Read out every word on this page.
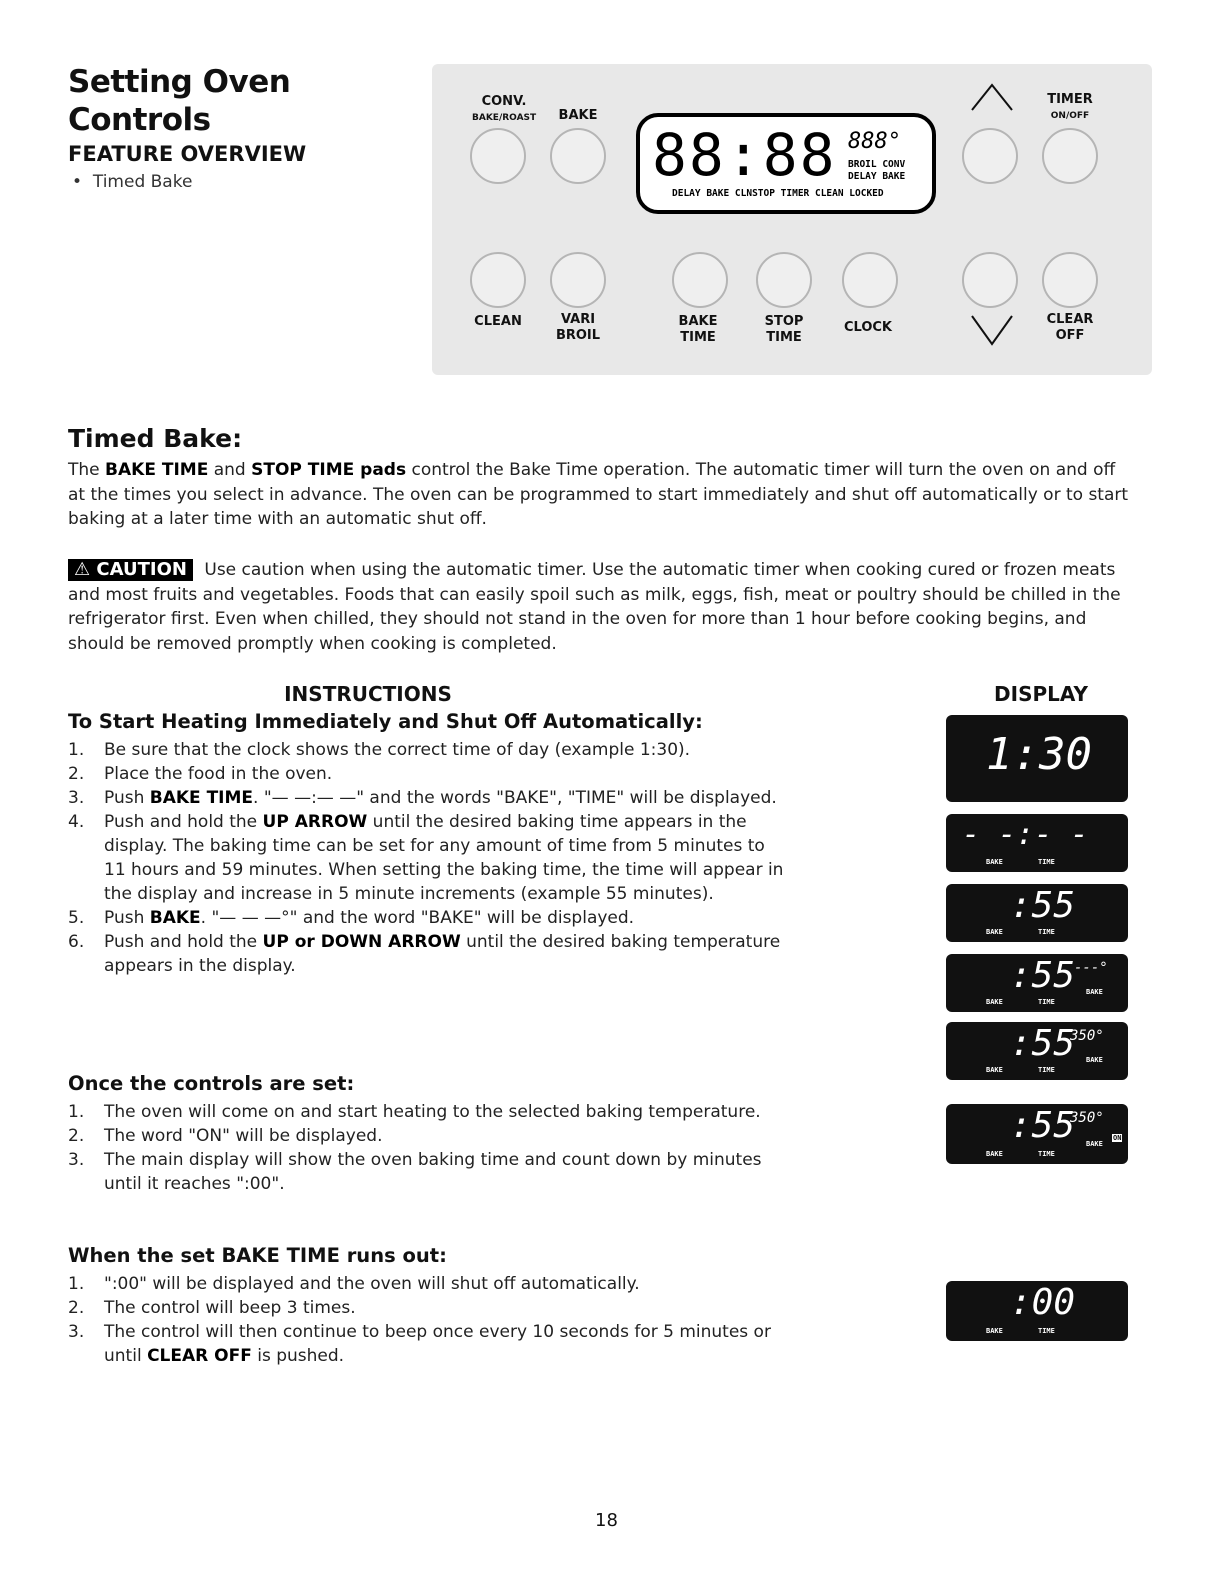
Setting Oven
Controls
FEATURE OVERVIEW
•  Timed Bake
CONV.
BAKE/ROAST BAKE
TIMER
ON/OFF
CLEAN	VARI
BROIL
BAKE
TIME
STOP
TIME
CLOCK
CLEAR
OFF
88:88 888°
BROIL CONV
DELAY BAKE
DELAY BAKE CLNSTOP TIMER CLEAN LOCKED
Timed Bake:
The BAKE TIME and STOP TIME pads control the Bake Time operation. The automatic timer will turn the oven on and off at the times you select in advance. The oven can be programmed to start immediately and shut off automatically or to start baking at a later time with an automatic shut off.
⚠ CAUTION Use caution when using the automatic timer. Use the automatic timer when cooking cured or frozen meats and most fruits and vegetables. Foods that can easily spoil such as milk, eggs, fish, meat or poultry should be chilled in the refrigerator first. Even when chilled, they should not stand in the oven for more than 1 hour before cooking begins, and should be removed promptly when cooking is completed.
INSTRUCTIONS	DISPLAY
To Start Heating Immediately and Shut Off Automatically:
1. Be sure that the clock shows the correct time of day (example 1:30).
2. Place the food in the oven.
3. Push BAKE TIME. "— —:— —" and the words "BAKE", "TIME" will be displayed.
4. Push and hold the UP ARROW until the desired baking time appears in the display. The baking time can be set for any amount of time from 5 minutes to 11 hours and 59 minutes. When setting the baking time, the time will appear in the display and increase in 5 minute increments (example 55 minutes).
5. Push BAKE. "— — —°" and the word "BAKE" will be displayed.
6. Push and hold the UP or DOWN ARROW until the desired baking temperature appears in the display.
Once the controls are set:
1. The oven will come on and start heating to the selected baking temperature.
2. The word "ON" will be displayed.
3. The main display will show the oven baking time and count down by minutes until it reaches ":00".
When the set BAKE TIME runs out:
1. ":00" will be displayed and the oven will shut off automatically.
2. The control will beep 3 times.
3. The control will then continue to beep once every 10 seconds for 5 minutes or until CLEAR OFF is pushed.
1:30
- -:- -
BAKE	TIME
:55
BAKE	TIME
:55
---°
BAKE	TIME
BAKE
:55
350°
BAKE	TIME
BAKE
:55
350°
ON
BAKE	TIME
BAKE
:00
BAKE	TIME
18
